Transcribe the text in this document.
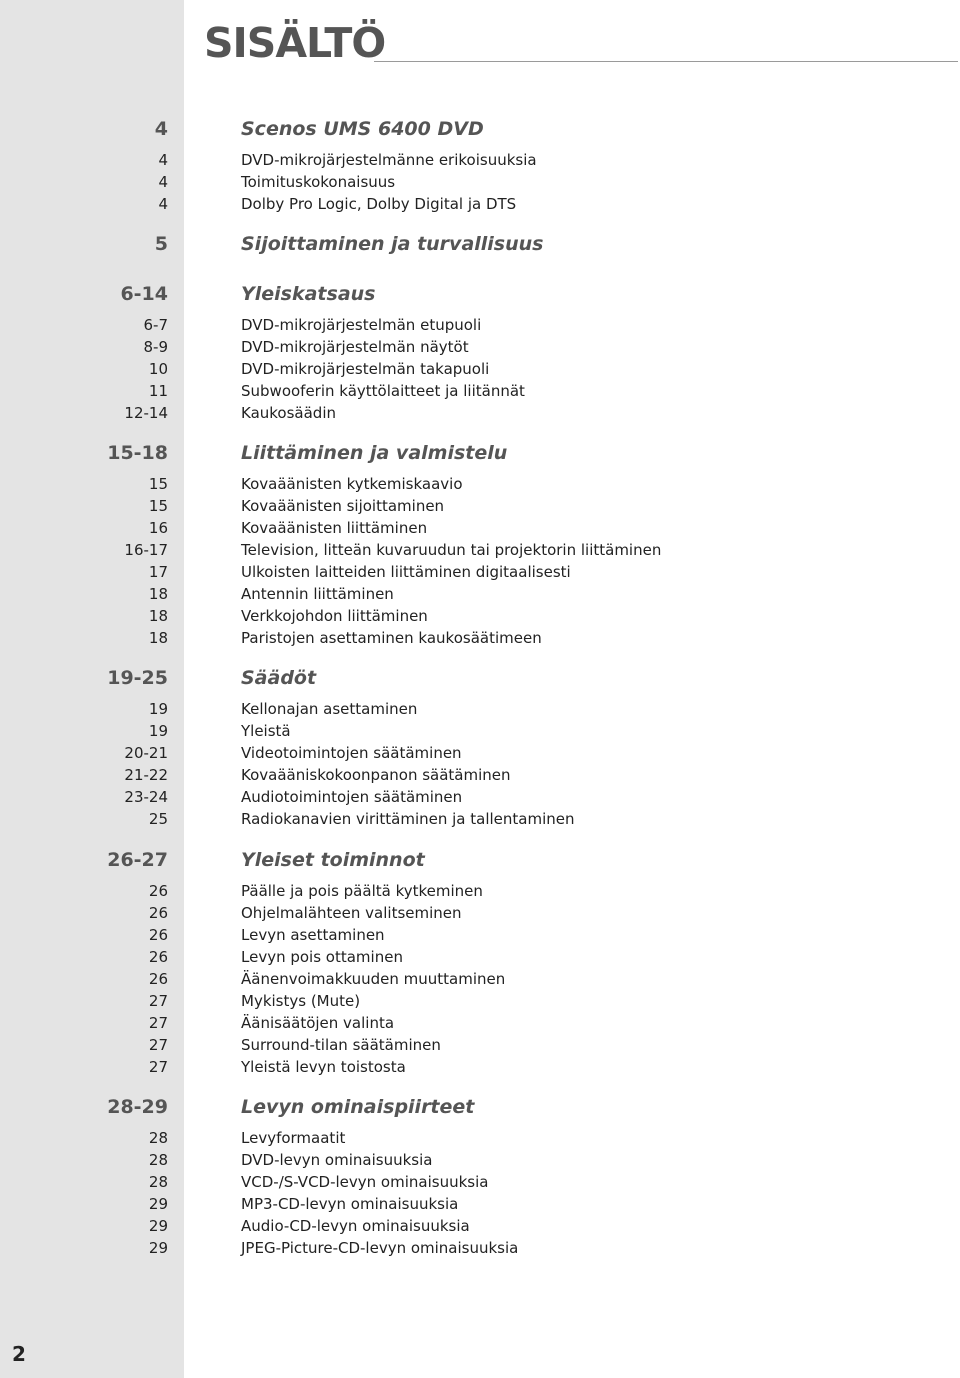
SISÄLTÖ
2
4	Scenos UMS 6400 DVD
4	DVD-mikrojärjestelmänne erikoisuuksia
4	Toimituskokonaisuus
4	Dolby Pro Logic, Dolby Digital ja DTS
5	Sijoittaminen ja turvallisuus
6-14	Yleiskatsaus
6-7	DVD-mikrojärjestelmän etupuoli
8-9	DVD-mikrojärjestelmän näytöt
10	DVD-mikrojärjestelmän takapuoli
11	Subwooferin käyttölaitteet ja liitännät
12-14	Kaukosäädin
15-18	Liittäminen ja valmistelu
15	Kovaäänisten kytkemiskaavio
15	Kovaäänisten sijoittaminen
16	Kovaäänisten liittäminen
16-17	Television, litteän kuvaruudun tai projektorin liittäminen
17	Ulkoisten laitteiden liittäminen digitaalisesti
18	Antennin liittäminen
18	Verkkojohdon liittäminen
18	Paristojen asettaminen kaukosäätimeen
19-25	Säädöt
19	Kellonajan asettaminen
19	Yleistä
20-21	Videotoimintojen säätäminen
21-22	Kovaääniskokoonpanon säätäminen
23-24	Audiotoimintojen säätäminen
25	Radiokanavien virittäminen ja tallentaminen
26-27	Yleiset toiminnot
26	Päälle ja pois päältä kytkeminen
26	Ohjelmalähteen valitseminen
26	Levyn asettaminen
26	Levyn pois ottaminen
26	Äänenvoimakkuuden muuttaminen
27	Mykistys (Mute)
27	Äänisäätöjen valinta
27	Surround-tilan säätäminen
27	Yleistä levyn toistosta
28-29	Levyn ominaispiirteet
28	Levyformaatit
28	DVD-levyn ominaisuuksia
28	VCD-/S-VCD-levyn ominaisuuksia
29	MP3-CD-levyn ominaisuuksia
29	Audio-CD-levyn ominaisuuksia
29	JPEG-Picture-CD-levyn ominaisuuksia
